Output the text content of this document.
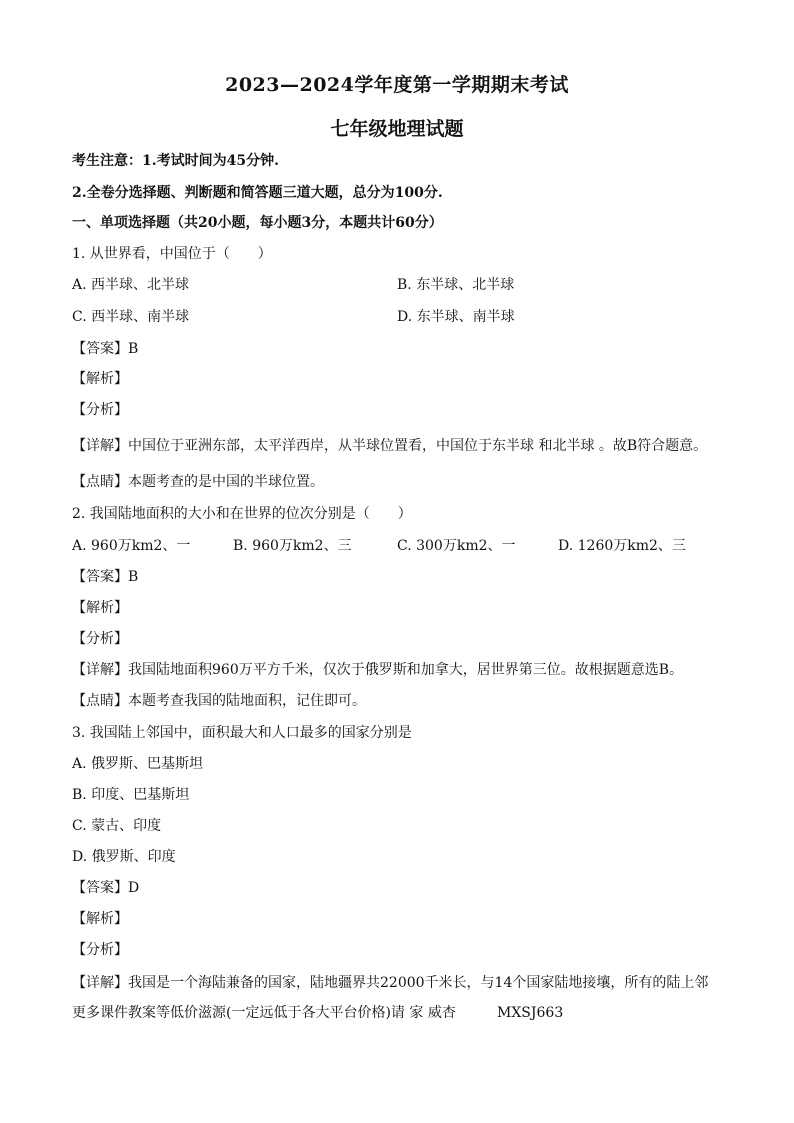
2023—2024学年度第一学期期末考试
七年级地理试题
考生注意：1.考试时间为45分钟.
2.全卷分选择题、判断题和简答题三道大题，总分为100分.
一、单项选择题（共20小题，每小题3分，本题共计60分）
1. 从世界看，中国位于（　　）
A. 西半球、北半球	B. 东半球、北半球
C. 西半球、南半球	D. 东半球、南半球
【答案】B
【解析】
【分析】
【详解】中国位于亚洲东部，太平洋西岸，从半球位置看，中国位于东半球 和北半球 。故B符合题意。
【点睛】本题考查的是中国的半球位置。
2. 我国陆地面积的大小和在世界的位次分别是（　　）
A. 960万km2、一	B. 960万km2、三	C. 300万km2、一	D. 1260万km2、三
【答案】B
【解析】
【分析】
【详解】我国陆地面积960万平方千米，仅次于俄罗斯和加拿大，居世界第三位。故根据题意选B。
【点睛】本题考查我国的陆地面积，记住即可。
3. 我国陆上邻国中，面积最大和人口最多的国家分别是
A. 俄罗斯、巴基斯坦
B. 印度、巴基斯坦
C. 蒙古、印度
D. 俄罗斯、印度
【答案】D
【解析】
【分析】
【详解】我国是一个海陆兼备的国家，陆地疆界共22000千米长，与14个国家陆地接壤，所有的陆上邻
更多课件教案等低价滋源(一定远低于各大平台价格)请 家 威杏	MXSJ663
